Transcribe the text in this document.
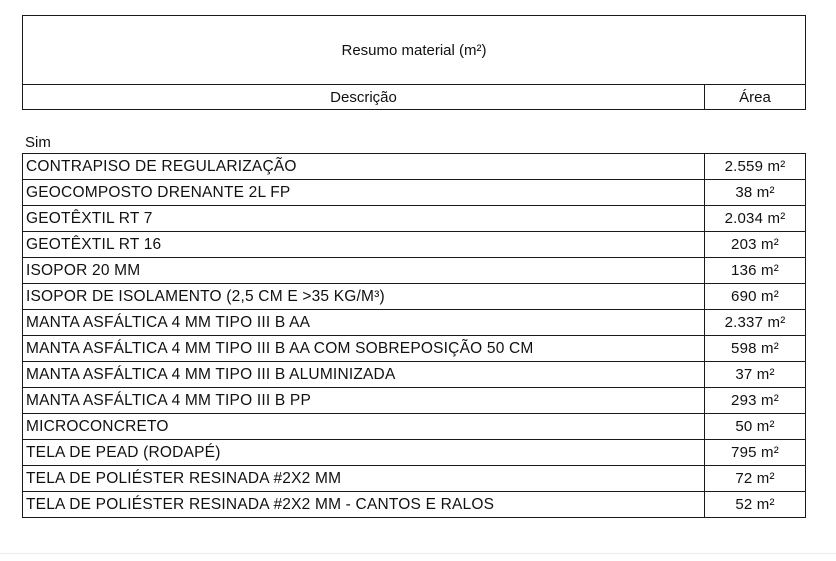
Resumo material (m²)
Descrição	Área
Sim
CONTRAPISO DE REGULARIZAÇÃO	2.559 m²
GEOCOMPOSTO DRENANTE 2L FP	38 m²
GEOTÊXTIL RT 7	2.034 m²
GEOTÊXTIL RT 16	203 m²
ISOPOR 20 MM	136 m²
ISOPOR DE ISOLAMENTO (2,5 CM E >35 KG/M³)	690 m²
MANTA ASFÁLTICA 4 MM TIPO III B AA	2.337 m²
MANTA ASFÁLTICA 4 MM TIPO III B AA COM SOBREPOSIÇÃO 50 CM	598 m²
MANTA ASFÁLTICA 4 MM TIPO III B ALUMINIZADA	37 m²
MANTA ASFÁLTICA 4 MM TIPO III B PP	293 m²
MICROCONCRETO	50 m²
TELA DE PEAD (RODAPÉ)	795 m²
TELA DE POLIÉSTER RESINADA #2X2 MM	72 m²
TELA DE POLIÉSTER RESINADA #2X2 MM - CANTOS E RALOS	52 m²
